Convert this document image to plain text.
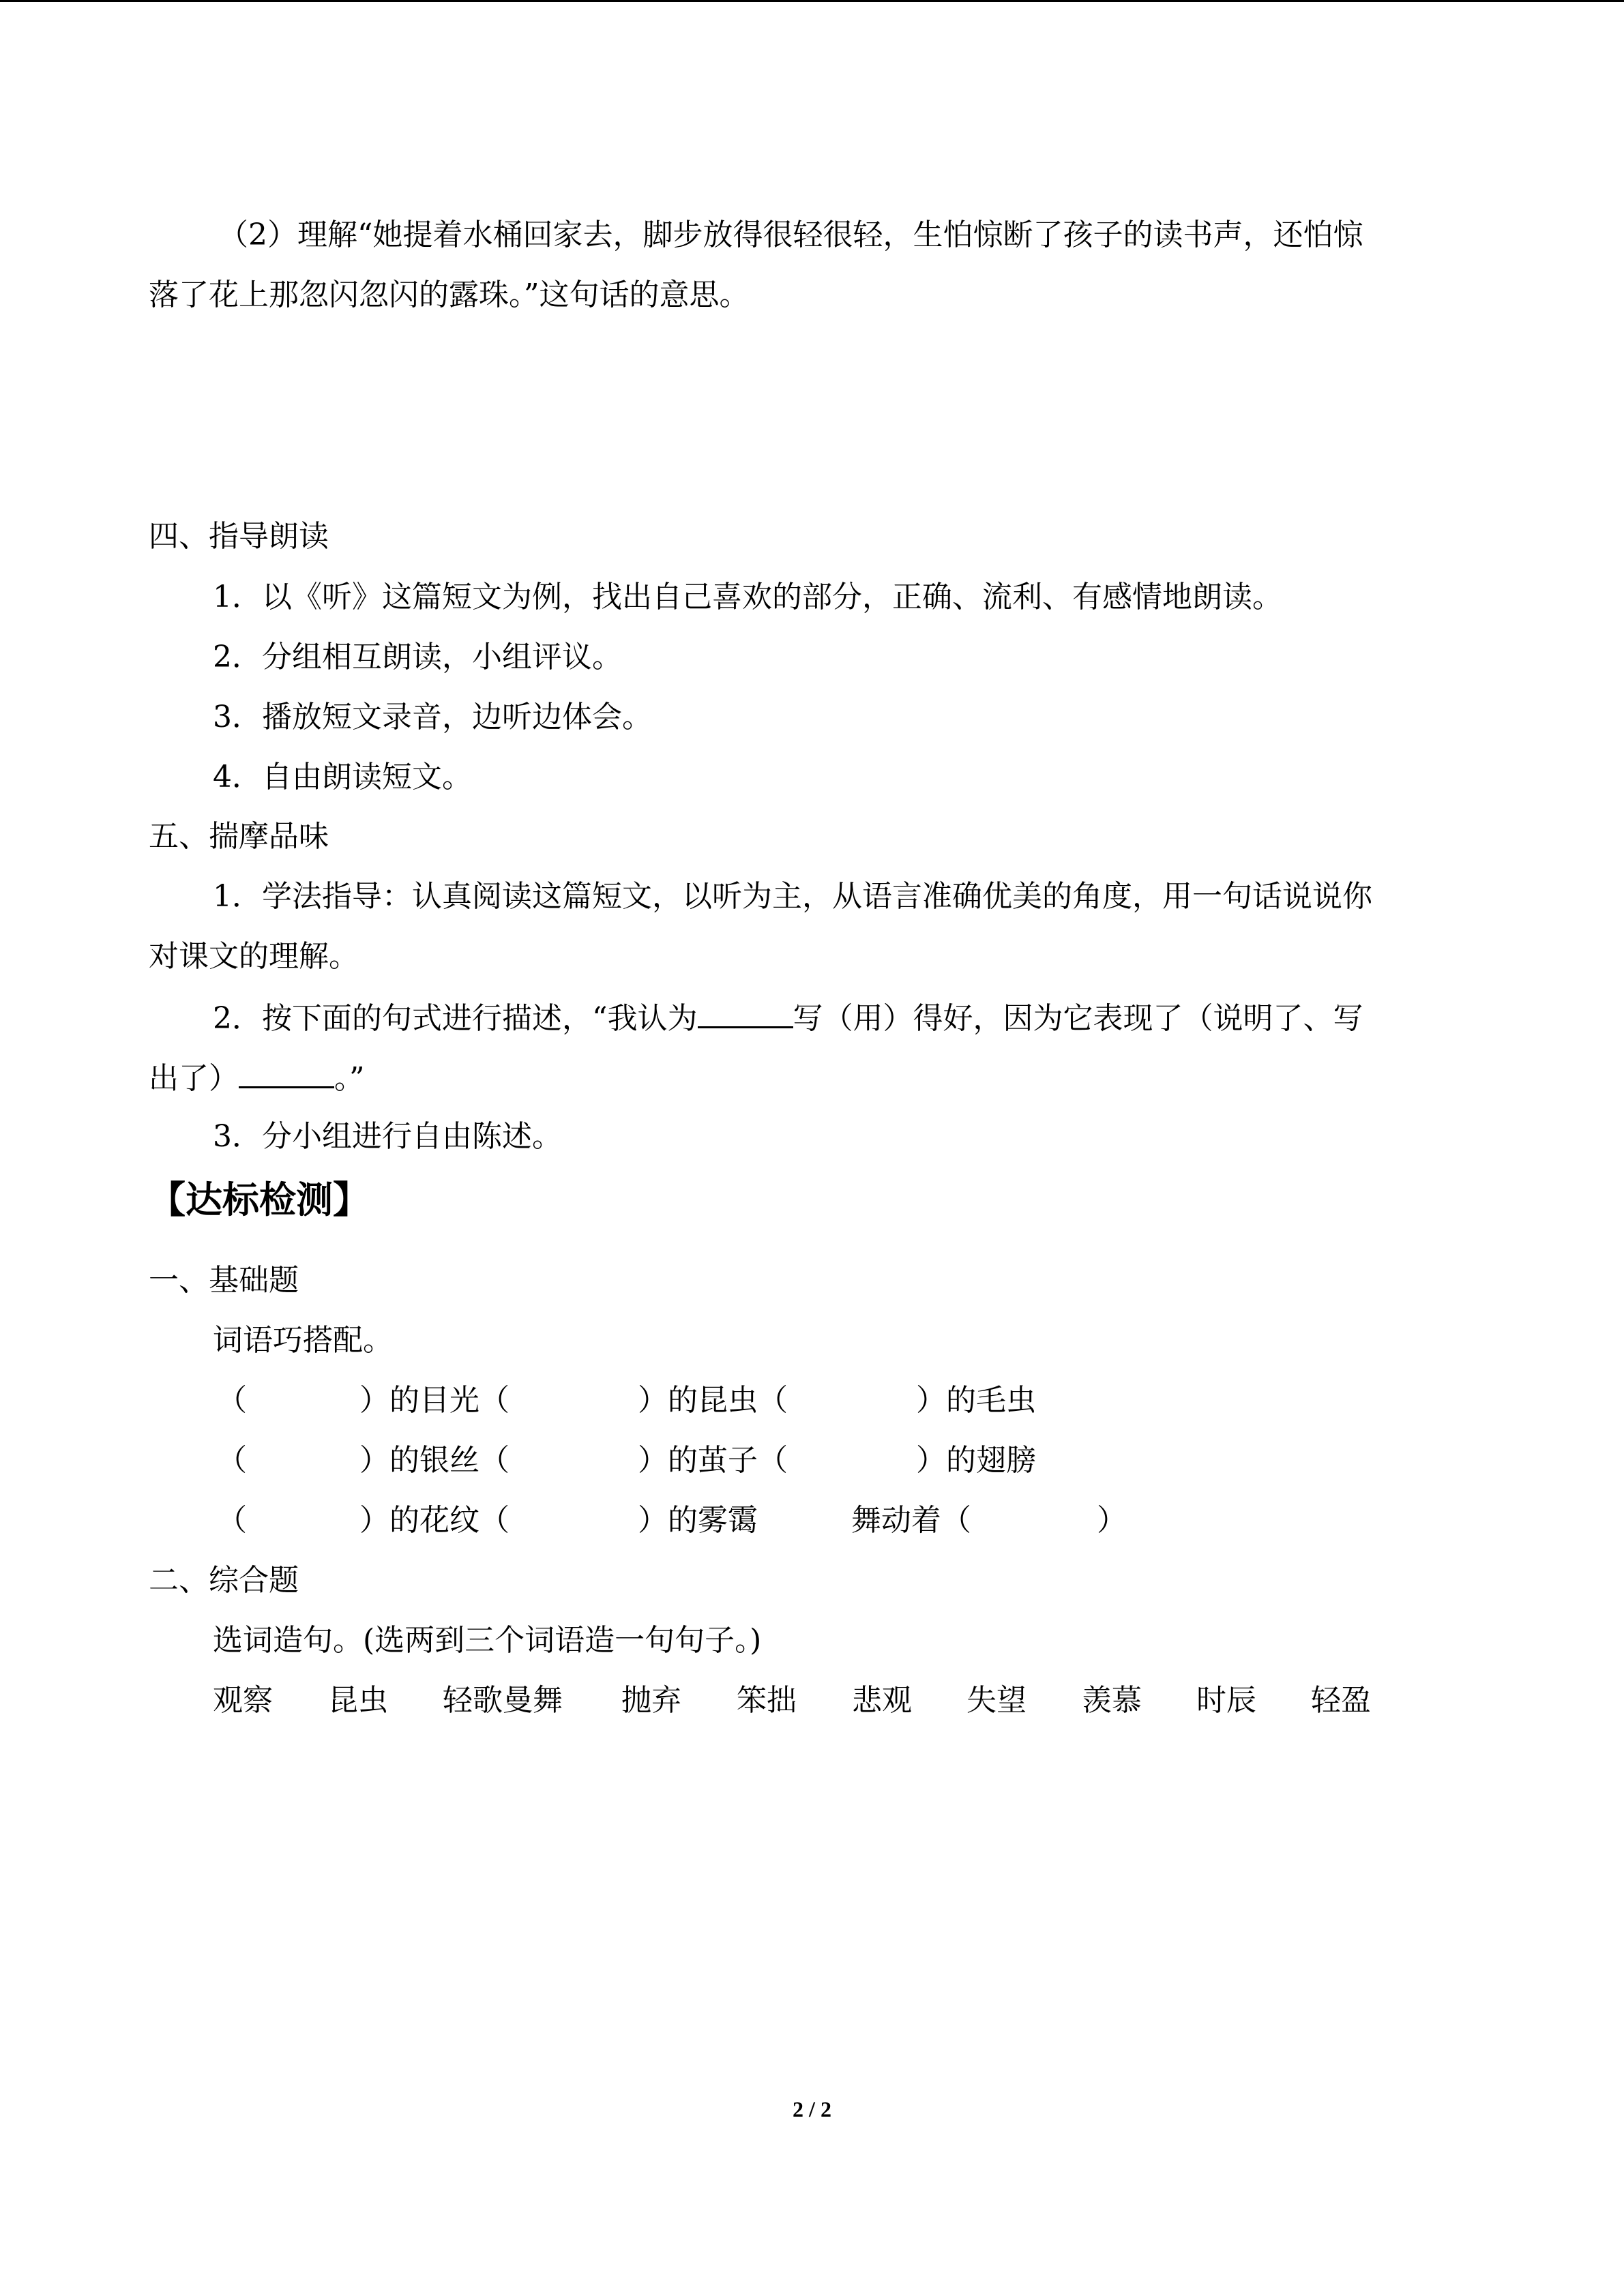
（2）理解“她提着水桶回家去，脚步放得很轻很轻，生怕惊断了孩子的读书声，还怕惊
落了花上那忽闪忽闪的露珠。”这句话的意思。
四、指导朗读
1．以《听》这篇短文为例，找出自己喜欢的部分，正确、流利、有感情地朗读。
2．分组相互朗读，小组评议。
3．播放短文录音，边听边体会。
4．自由朗读短文。
五、揣摩品味
1．学法指导：认真阅读这篇短文，以听为主，从语言准确优美的角度，用一句话说说你
对课文的理解。
2．按下面的句式进行描述，“我认为	写（用）得好，因为它表现了（说明了、写
出了）	。”
3．分小组进行自由陈述。
【达标检测】
一、基础题
词语巧搭配。
（	）的目光（	）的昆虫（	）的毛虫
（	）的银丝（	）的茧子（	）的翅膀
（	）的花纹（	）的雾霭	舞动着（	）
二、综合题
选词造句。(选两到三个词语造一句句子。)
观察 昆虫 轻歌曼舞 抛弃 笨拙 悲观 失望 羡慕 时辰 轻盈
2 / 2
